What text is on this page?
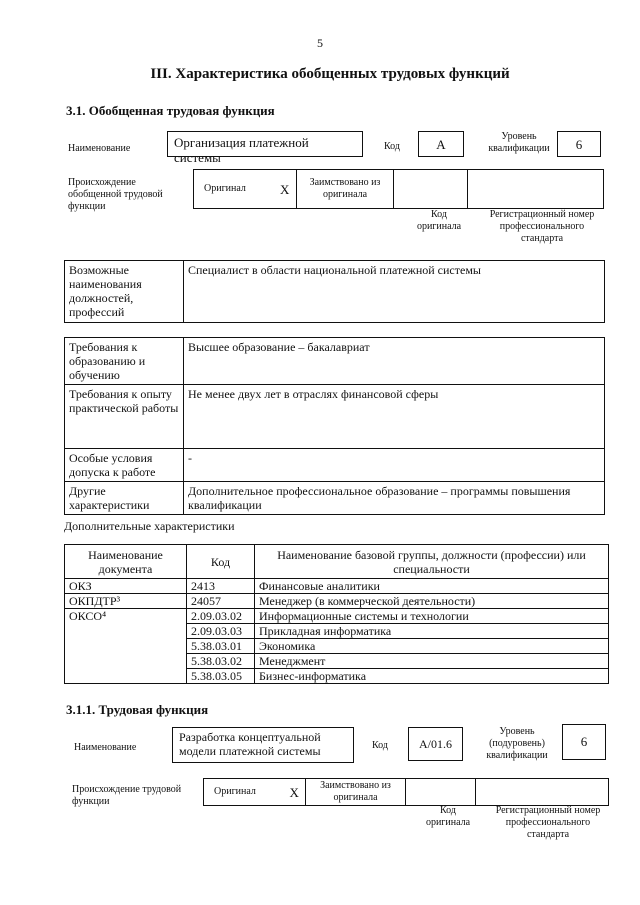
5
III. Характеристика обобщенных трудовых функций
3.1. Обобщенная трудовая функция
Наименование	Организация платежной системы
Код	А
Уровень квалификации	6
Происхождение обобщенной трудовой функции
Оригинал	X	Заимствовано из оригинала		
Код оригинала
Регистрационный номер профессионального стандарта
Возможные наименования должностей, профессий	Специалист в области национальной платежной системы
Требования к образованию и обучению	Высшее образование – бакалавриат
Требования к опыту практической работы	Не менее двух лет в отраслях финансовой сферы
Особые условия допуска к работе	-
Другие характеристики	Дополнительное профессиональное образование – программы повышения квалификации
Дополнительные характеристики
Наименование документа	Код	Наименование базовой группы, должности (профессии) или специальности
ОКЗ	2413	Финансовые аналитики
ОКПДТР³	24057	Менеджер (в коммерческой деятельности)
ОКСО⁴	2.09.03.02	Информационные системы и технологии
	2.09.03.03	Прикладная информатика
	5.38.03.01	Экономика
	5.38.03.02	Менеджмент
	5.38.03.05	Бизнес-информатика
3.1.1. Трудовая функция
Наименование
Разработка концептуальной модели платежной системы	Код	A/01.6
Уровень (подуровень) квалификации
6
Происхождение трудовой функции
Оригинал	X	Заимствовано из оригинала		
Код оригинала
Регистрационный номер профессионального стандарта
